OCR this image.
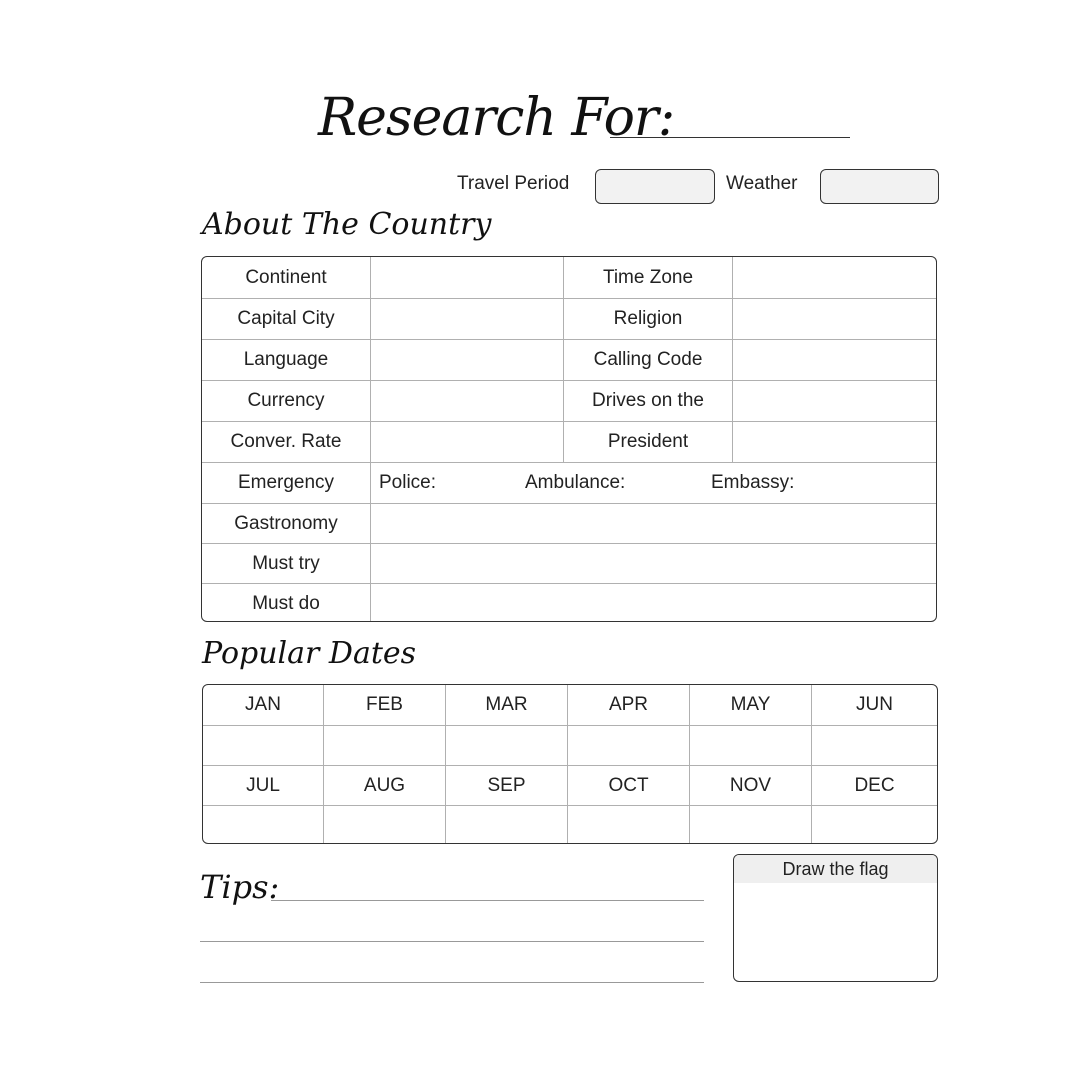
Research For:
Travel Period	Weather
About The Country
Continent	Time Zone
Capital City	Religion
Language	Calling Code
Currency	Drives on the
Conver. Rate	President
Emergency	Police:	Ambulance:	Embassy:
Gastronomy
Must try
Must do
Popular Dates
JAN	FEB	MAR	APR	MAY	JUN
JUL	AUG	SEP	OCT	NOV	DEC
Tips:	Draw the flag
